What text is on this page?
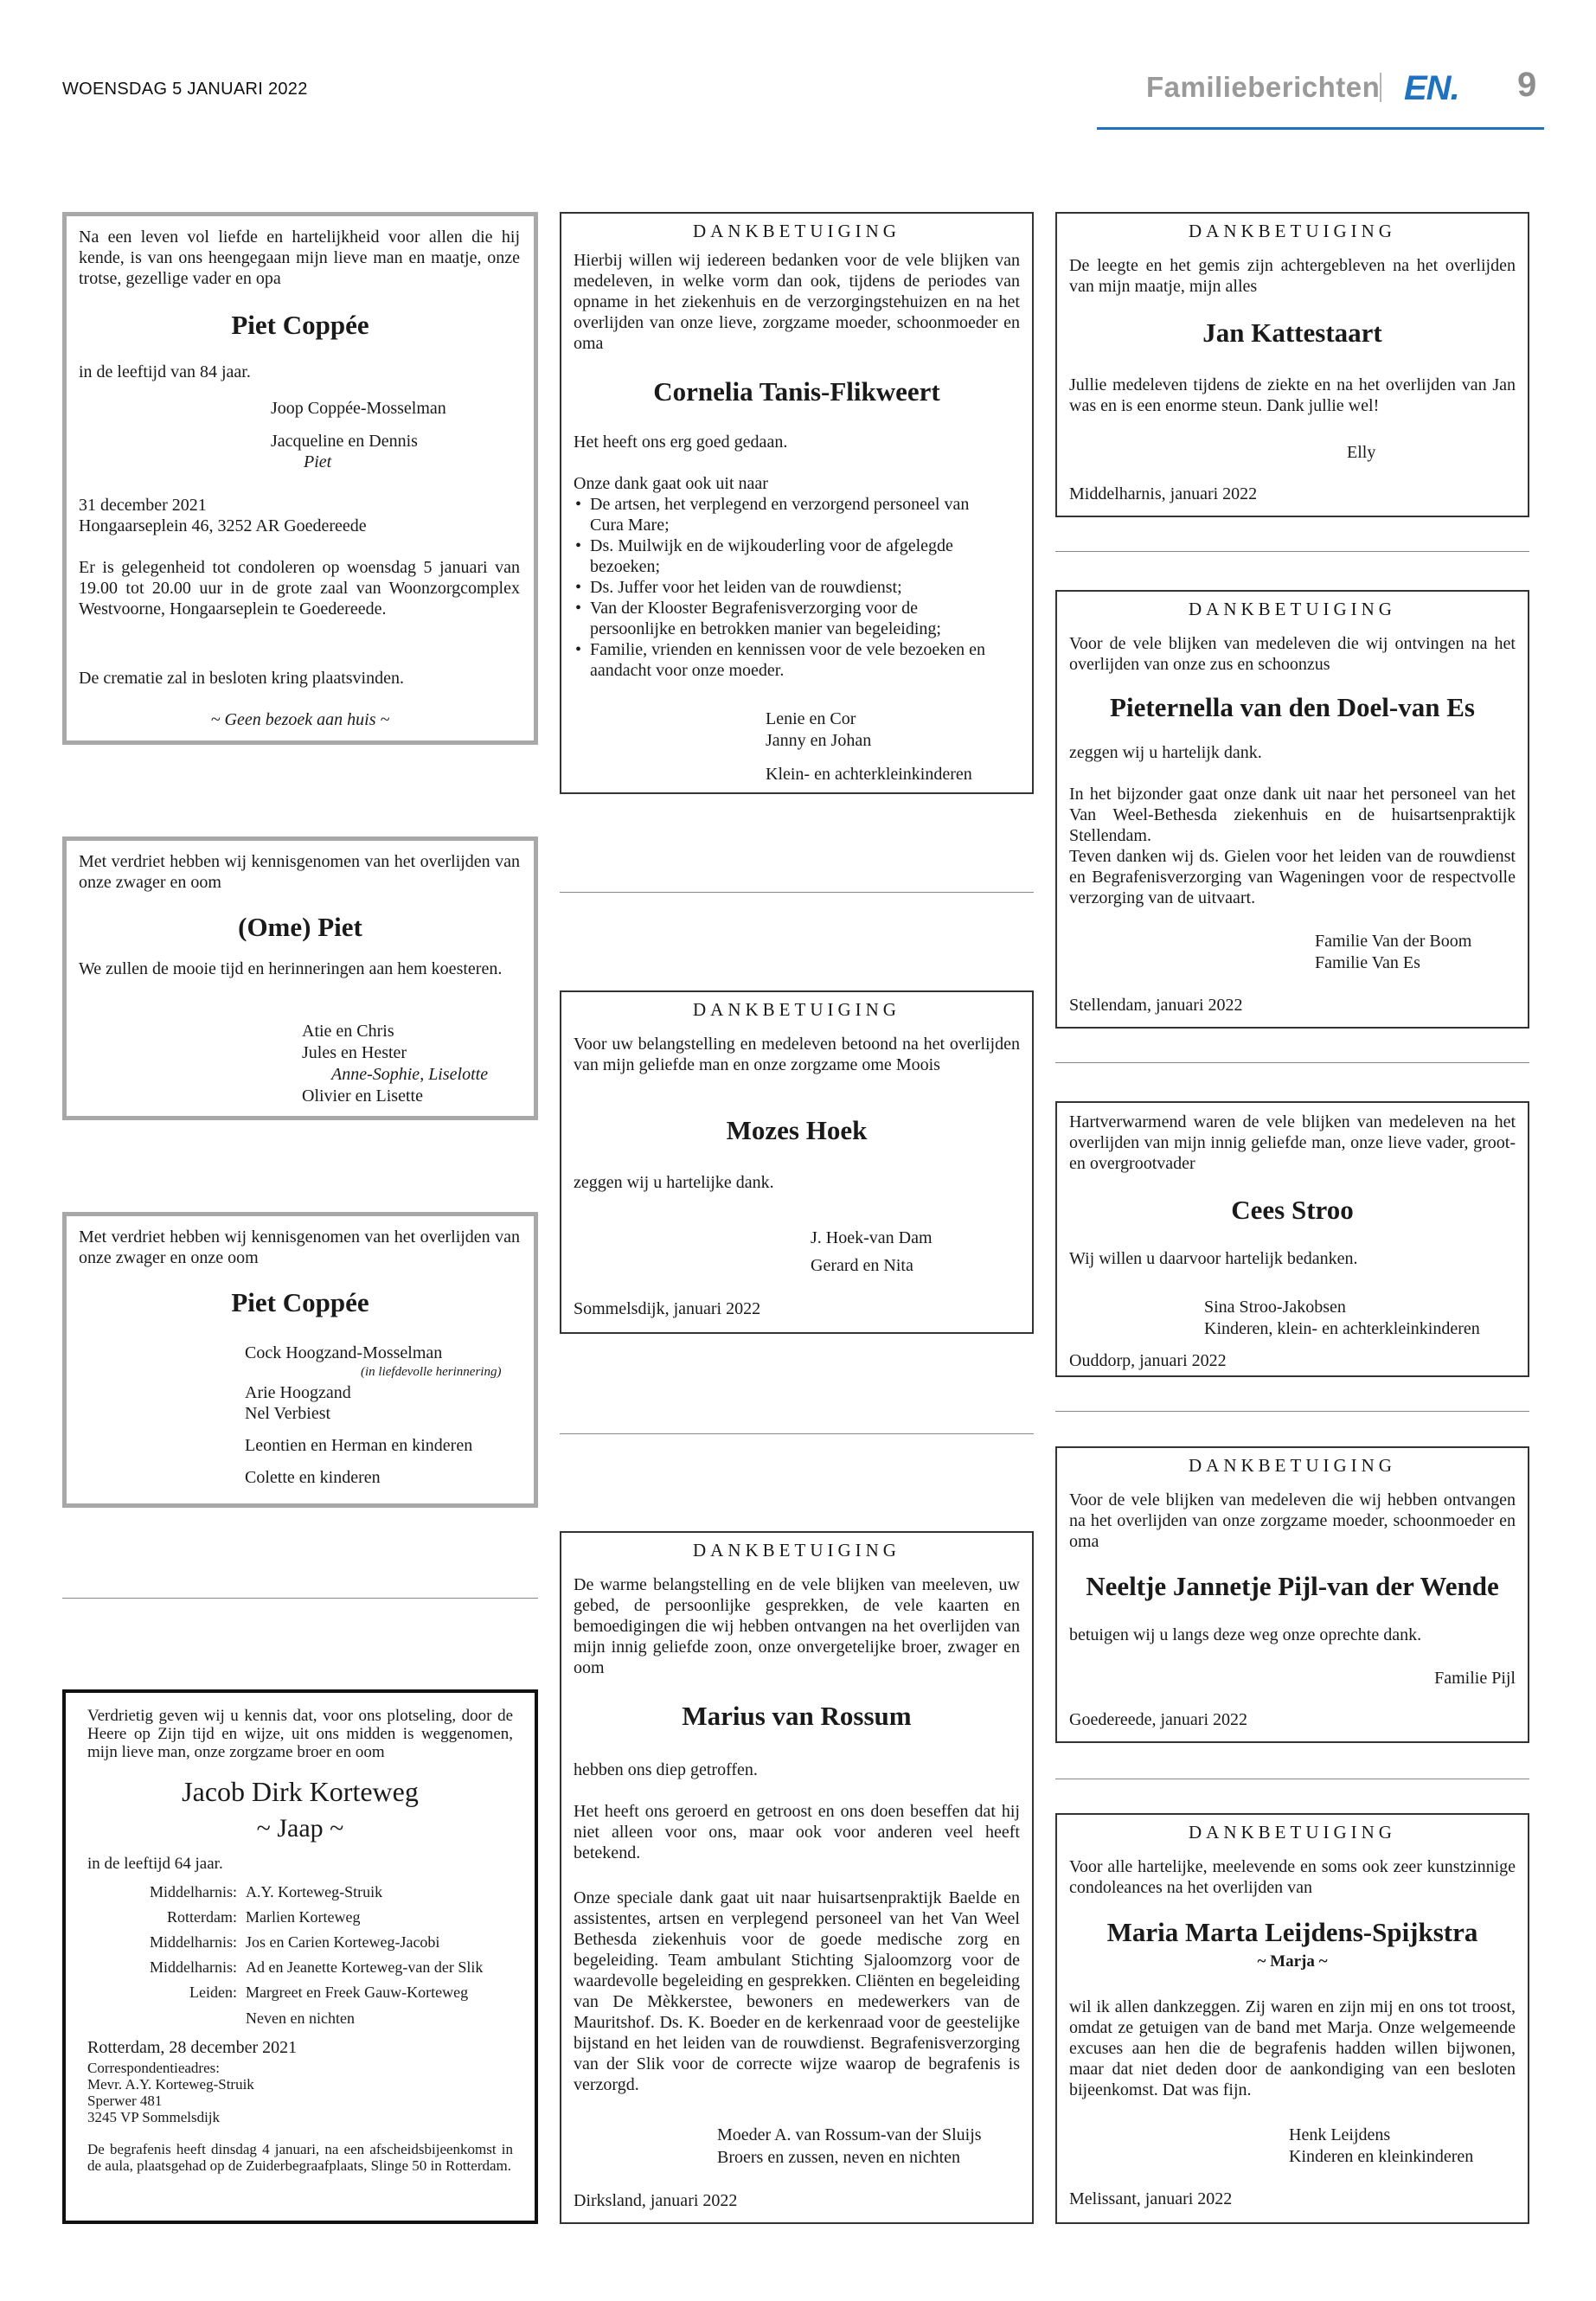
WOENSDAG 5 JANUARI 2022	Familieberichten EN. 9
Na een leven vol liefde en hartelijkheid voor allen die hij kende, is van ons heengegaan mijn lieve man en maatje, onze trotse, gezellige vader en opa
Piet Coppée
in de leeftijd van 84 jaar.
Joop Coppée-Mosselman
Jacqueline en Dennis
Piet
31 december 2021
Hongaarseplein 46, 3252 AR Goedereede
Er is gelegenheid tot condoleren op woensdag 5 januari van 19.00 tot 20.00 uur in de grote zaal van Woonzorgcomplex Westvoorne, Hongaarseplein te Goedereede.
De crematie zal in besloten kring plaatsvinden.
~ Geen bezoek aan huis ~
Met verdriet hebben wij kennisgenomen van het overlijden van onze zwager en oom
(Ome) Piet
We zullen de mooie tijd en herinneringen aan hem koesteren.
Atie en Chris
Jules en Hester
Anne-Sophie, Liselotte
Olivier en Lisette
Met verdriet hebben wij kennisgenomen van het overlijden van onze zwager en onze oom
Piet Coppée
Cock Hoogzand-Mosselman
(in liefdevolle herinnering)
Arie Hoogzand
Nel Verbiest
Leontien en Herman en kinderen
Colette en kinderen
Verdrietig geven wij u kennis dat, voor ons plotseling, door de Heere op Zijn tijd en wijze, uit ons midden is weggenomen, mijn lieve man, onze zorgzame broer en oom
Jacob Dirk Korteweg
~ Jaap ~
in de leeftijd 64 jaar.
Middelharnis: A.Y. Korteweg-Struik
Rotterdam: Marlien Korteweg
Middelharnis: Jos en Carien Korteweg-Jacobi
Middelharnis: Ad en Jeanette Korteweg-van der Slik
Leiden: Margreet en Freek Gauw-Korteweg
Neven en nichten
Rotterdam, 28 december 2021
Correspondentieadres:
Mevr. A.Y. Korteweg-Struik
Sperwer 481
3245 VP Sommelsdijk
De begrafenis heeft dinsdag 4 januari, na een afscheidsbijeenkomst in de aula, plaatsgehad op de Zuiderbegraafplaats, Slinge 50 in Rotterdam.
DANKBETUIGING
Hierbij willen wij iedereen bedanken voor de vele blijken van medeleven, in welke vorm dan ook, tijdens de periodes van opname in het ziekenhuis en de verzorgingstehuizen en na het overlijden van onze lieve, zorgzame moeder, schoonmoeder en oma
Cornelia Tanis-Flikweert
Het heeft ons erg goed gedaan.
Onze dank gaat ook uit naar
• De artsen, het verplegend en verzorgend personeel van Cura Mare;
• Ds. Muilwijk en de wijkouderling voor de afgelegde bezoeken;
• Ds. Juffer voor het leiden van de rouwdienst;
• Van der Klooster Begrafenisverzorging voor de persoonlijke en betrokken manier van begeleiding;
• Familie, vrienden en kennissen voor de vele bezoeken en aandacht voor onze moeder.
Lenie en Cor
Janny en Johan
Klein- en achterkleinkinderen
DANKBETUIGING
Voor uw belangstelling en medeleven betoond na het overlijden van mijn geliefde man en onze zorgzame ome Moois
Mozes Hoek
zeggen wij u hartelijke dank.
J. Hoek-van Dam
Gerard en Nita
Sommelsdijk, januari 2022
DANKBETUIGING
De warme belangstelling en de vele blijken van meeleven, uw gebed, de persoonlijke gesprekken, de vele kaarten en bemoedigingen die wij hebben ontvangen na het overlijden van mijn innig geliefde zoon, onze onvergetelijke broer, zwager en oom
Marius van Rossum
hebben ons diep getroffen.
Het heeft ons geroerd en getroost en ons doen beseffen dat hij niet alleen voor ons, maar ook voor anderen veel heeft betekend.
Onze speciale dank gaat uit naar huisartsenpraktijk Baelde en assistentes, artsen en verplegend personeel van het Van Weel Bethesda ziekenhuis voor de goede medische zorg en begeleiding. Team ambulant Stichting Sjaloomzorg voor de waardevolle begeleiding en gesprekken. Cliënten en begeleiding van De Mèkkerstee, bewoners en medewerkers van de Mauritshof. Ds. K. Boeder en de kerkenraad voor de geestelijke bijstand en het leiden van de rouwdienst. Begrafenisverzorging van der Slik voor de correcte wijze waarop de begrafenis is verzorgd.
Moeder A. van Rossum-van der Sluijs
Broers en zussen, neven en nichten
Dirksland, januari 2022
DANKBETUIGING
De leegte en het gemis zijn achtergebleven na het overlijden van mijn maatje, mijn alles
Jan Kattestaart
Jullie medeleven tijdens de ziekte en na het overlijden van Jan was en is een enorme steun. Dank jullie wel!
Elly
Middelharnis, januari 2022
DANKBETUIGING
Voor de vele blijken van medeleven die wij ontvingen na het overlijden van onze zus en schoonzus
Pieternella van den Doel-van Es
zeggen wij u hartelijk dank.
In het bijzonder gaat onze dank uit naar het personeel van het Van Weel-Bethesda ziekenhuis en de huisartsenpraktijk Stellendam.
Teven danken wij ds. Gielen voor het leiden van de rouwdienst en Begrafenisverzorging van Wageningen voor de respectvolle verzorging van de uitvaart.
Familie Van der Boom
Familie Van Es
Stellendam, januari 2022
Hartverwarmend waren de vele blijken van medeleven na het overlijden van mijn innig geliefde man, onze lieve vader, groot- en overgrootvader
Cees Stroo
Wij willen u daarvoor hartelijk bedanken.
Sina Stroo-Jakobsen
Kinderen, klein- en achterkleinkinderen
Ouddorp, januari 2022
DANKBETUIGING
Voor de vele blijken van medeleven die wij hebben ontvangen na het overlijden van onze zorgzame moeder, schoonmoeder en oma
Neeltje Jannetje Pijl-van der Wende
betuigen wij u langs deze weg onze oprechte dank.
Familie Pijl
Goedereede, januari 2022
DANKBETUIGING
Voor alle hartelijke, meelevende en soms ook zeer kunstzinnige condoleances na het overlijden van
Maria Marta Leijdens-Spijkstra
~ Marja ~
wil ik allen dankzeggen. Zij waren en zijn mij en ons tot troost, omdat ze getuigen van de band met Marja. Onze welgemeende excuses aan hen die de begrafenis hadden willen bijwonen, maar dat niet deden door de aankondiging van een besloten bijeenkomst. Dat was fijn.
Henk Leijdens
Kinderen en kleinkinderen
Melissant, januari 2022
